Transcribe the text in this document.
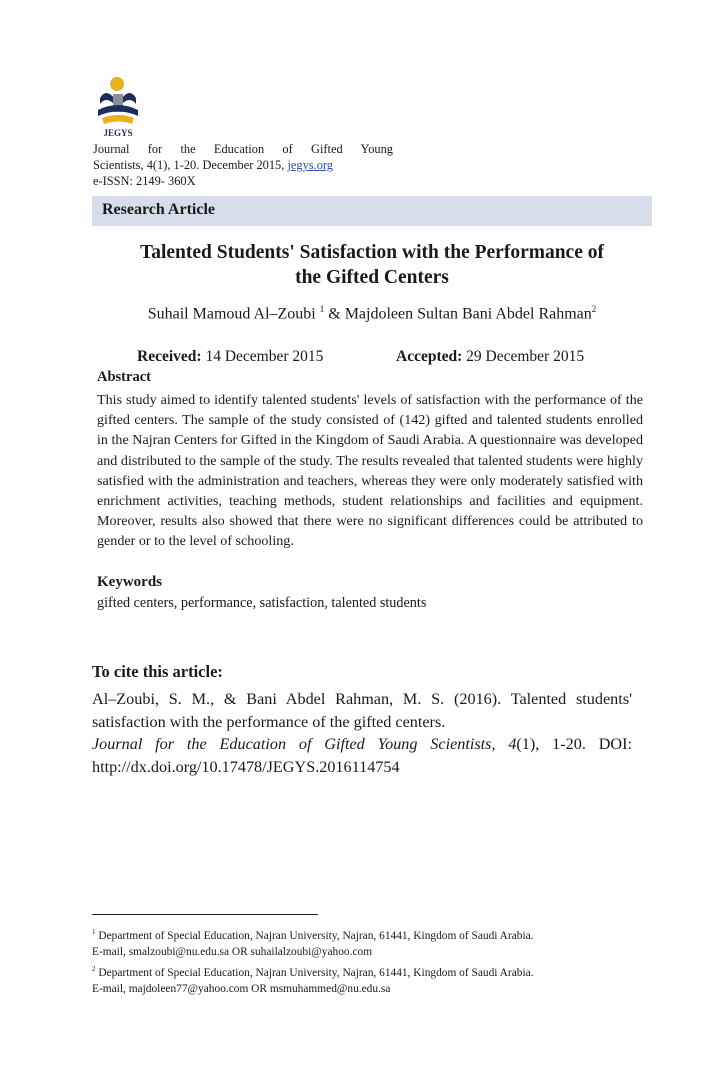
JEGYS
Journal for the Education of Gifted Young
Scientists, 4(1), 1-20. December 2015, jegys.org
e-ISSN: 2149- 360X
Research Article
Talented Students' Satisfaction with the Performance of
the Gifted Centers
Suhail Mamoud Al–Zoubi $^1$ & Majdoleen Sultan Bani Abdel Rahman$^2$
Received: 14 December 2015	Accepted: 29 December 2015
Abstract
This study aimed to identify talented students' levels of satisfaction with the performance of the gifted centers. The sample of the study consisted of (142) gifted and talented students enrolled in the Najran Centers for Gifted in the Kingdom of Saudi Arabia. A questionnaire was developed and distributed to the sample of the study. The results revealed that talented students were highly satisfied with the administration and teachers, whereas they were only moderately satisfied with enrichment activities, teaching methods, student relationships and facilities and equipment. Moreover, results also showed that there were no significant differences could be attributed to gender or to the level of schooling.
Keywords
gifted centers, performance, satisfaction, talented students
To cite this article:
Al–Zoubi, S. M., & Bani Abdel Rahman, M. S. (2016). Talented students' satisfaction with the performance of the gifted centers.
Journal for the Education of Gifted Young Scientists, 4(1), 1-20. DOI:
http://dx.doi.org/10.17478/JEGYS.2016114754
$^1$ Department of Special Education, Najran University, Najran, 61441, Kingdom of Saudi Arabia.
E-mail, smalzoubi@nu.edu.sa OR suhailalzoubi@yahoo.com
$^2$ Department of Special Education, Najran University, Najran, 61441, Kingdom of Saudi Arabia.
E-mail, majdoleen77@yahoo.com OR msmuhammed@nu.edu.sa
